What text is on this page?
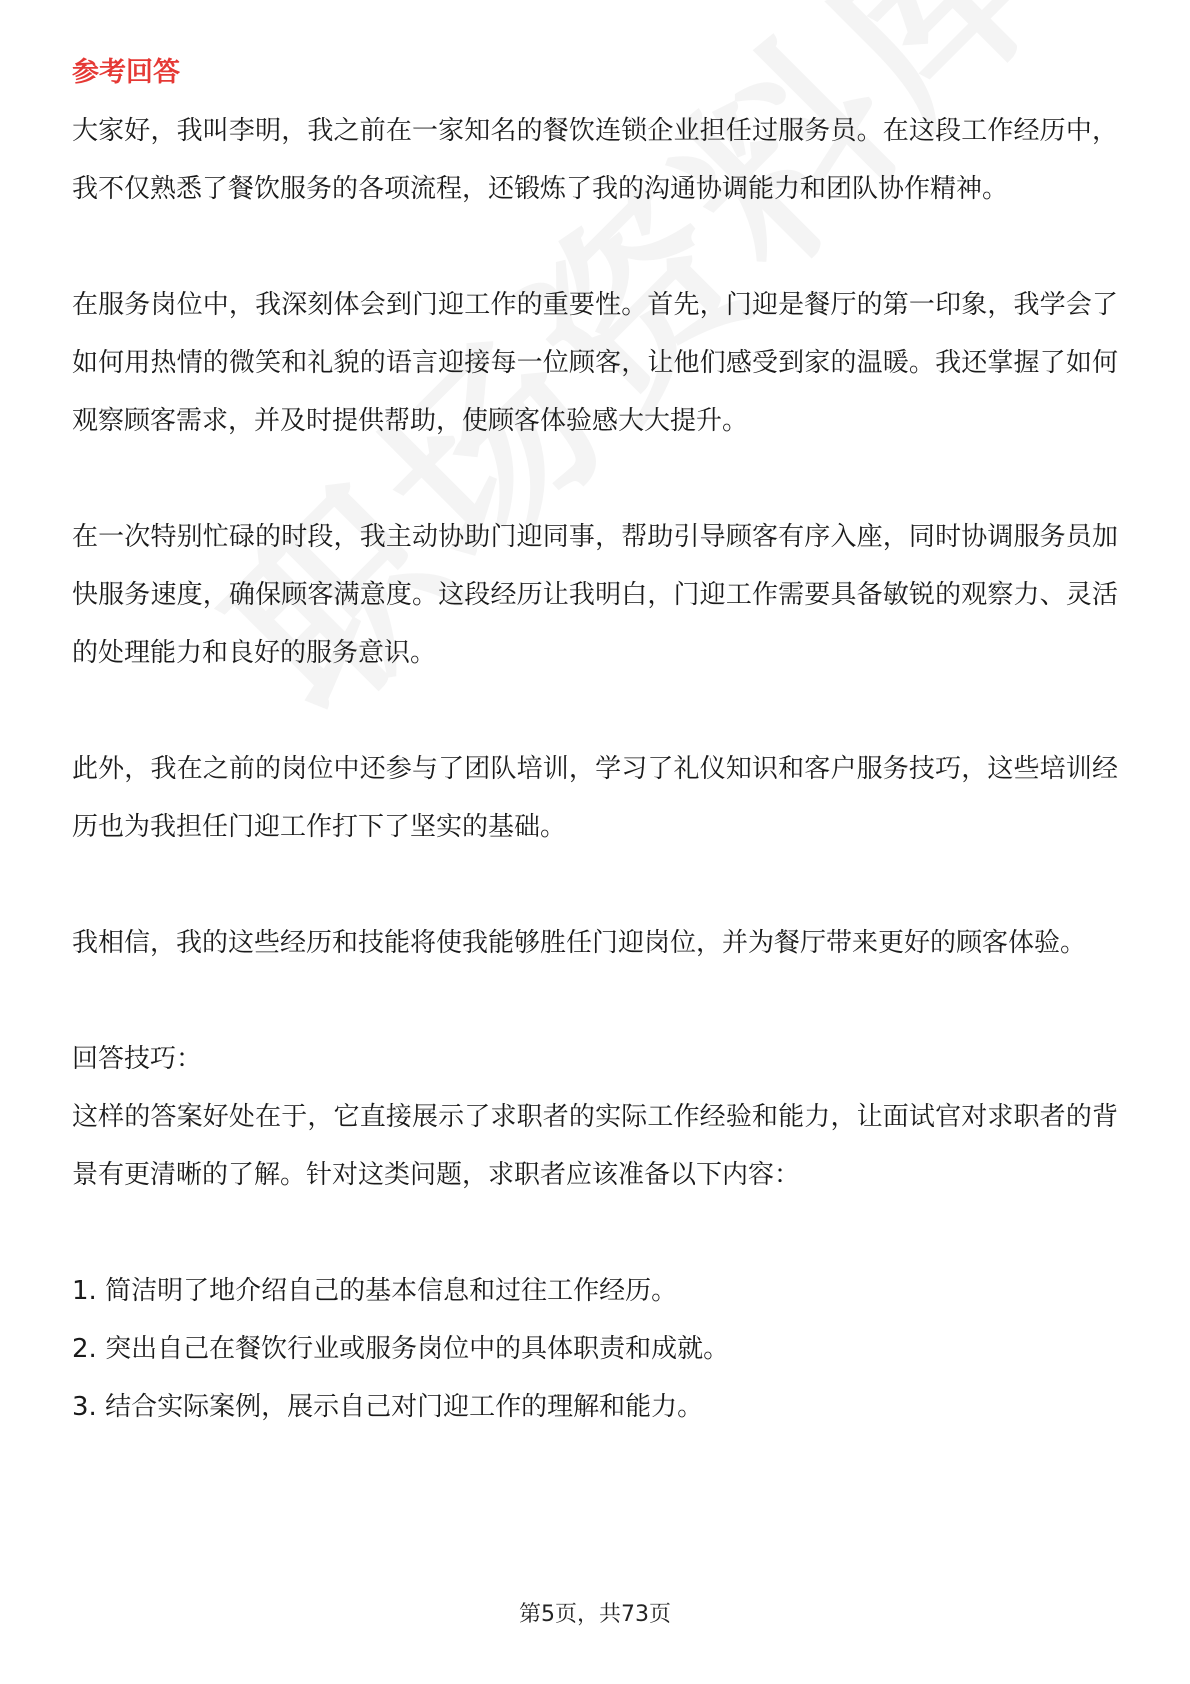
参考回答

大家好，我叫李明，我之前在一家知名的餐饮连锁企业担任过服务员。在这段工作经历中，我不仅熟悉了餐饮服务的各项流程，还锻炼了我的沟通协调能力和团队协作精神。

在服务岗位中，我深刻体会到门迎工作的重要性。首先，门迎是餐厅的第一印象，我学会了如何用热情的微笑和礼貌的语言迎接每一位顾客，让他们感受到家的温暖。我还掌握了如何观察顾客需求，并及时提供帮助，使顾客体验感大大提升。

在一次特别忙碌的时段，我主动协助门迎同事，帮助引导顾客有序入座，同时协调服务员加快服务速度，确保顾客满意度。这段经历让我明白，门迎工作需要具备敏锐的观察力、灵活的处理能力和良好的服务意识。

此外，我在之前的岗位中还参与了团队培训，学习了礼仪知识和客户服务技巧，这些培训经历也为我担任门迎工作打下了坚实的基础。

我相信，我的这些经历和技能将使我能够胜任门迎岗位，并为餐厅带来更好的顾客体验。

回答技巧：

这样的答案好处在于，它直接展示了求职者的实际工作经验和能力，让面试官对求职者的背景有更清晰的了解。针对这类问题，求职者应该准备以下内容：

1. 简洁明了地介绍自己的基本信息和过往工作经历。

2. 突出自己在餐饮行业或服务岗位中的具体职责和成就。

3. 结合实际案例，展示自己对门迎工作的理解和能力。

第5页，共73页
